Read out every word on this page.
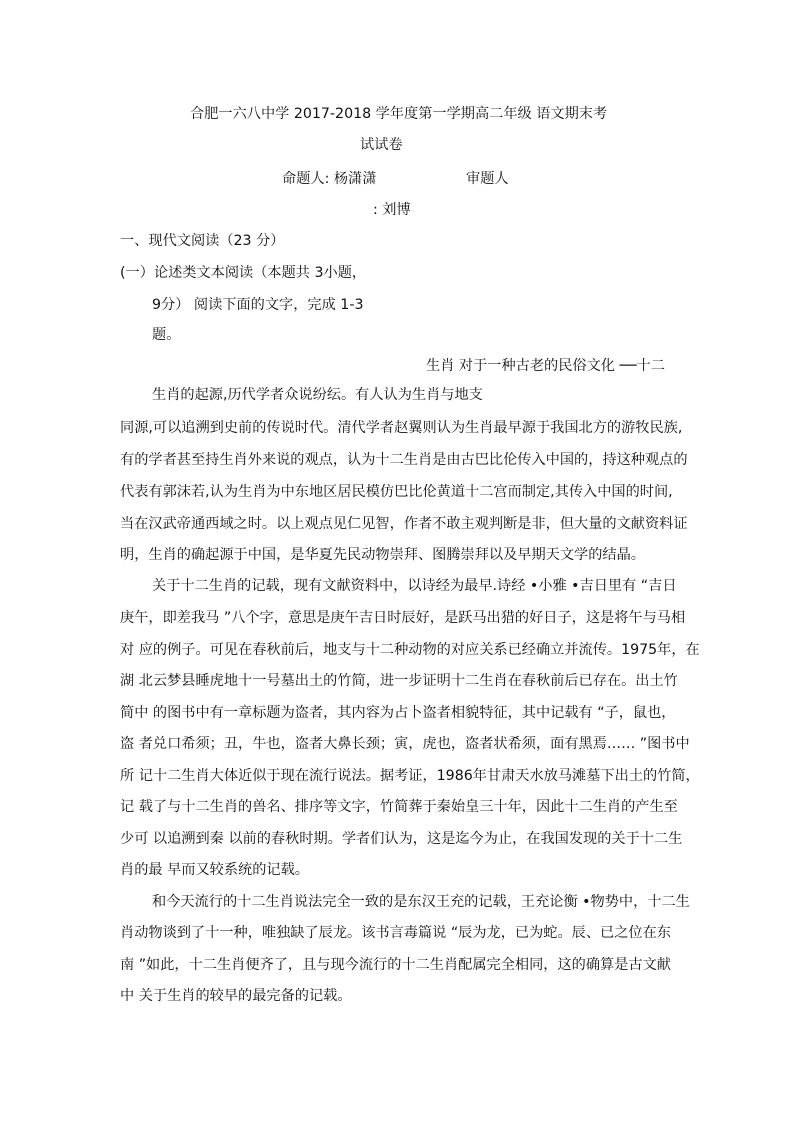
合肥一六八中学 2017-2018 学年度第一学期高二年级 语文期末考
试试卷
命题人: 杨潇潇	审题人
: 刘博
一、现代文阅读（23 分）
(一）论述类文本阅读（本题共 3小题，
9分） 阅读下面的文字，完成 1-3
题。
生肖 对于一种古老的民俗文化 ──十二
生肖的起源,历代学者众说纷纭。有人认为生肖与地支
同源,可以追溯到史前的传说时代。清代学者赵翼则认为生肖最早源于我国北方的游牧民族,
有的学者甚至持生肖外来说的观点，认为十二生肖是由古巴比伦传入中国的，持这种观点的
代表有郭沫若,认为生肖为中东地区居民模仿巴比伦黄道十二宫而制定,其传入中国的时间,
当在汉武帝通西域之时。以上观点见仁见智，作者不敢主观判断是非，但大量的文献资料证
明，生肖的确起源于中国，是华夏先民动物崇拜、图腾崇拜以及早期天文学的结晶。
关于十二生肖的记载，现有文献资料中，以诗经为最早.诗经 •小雅 •吉日里有 “吉日
庚午，即差我马 ”八个字，意思是庚午吉日时辰好，是跃马出猎的好日子，这是将午与马相
对 应的例子。可见在春秋前后，地支与十二种动物的对应关系已经确立并流传。1975年，在
湖 北云梦县睡虎地十一号墓出土的竹简，进一步证明十二生肖在春秋前后已存在。出土竹
简中 的图书中有一章标题为盗者，其内容为占卜盗者相貌特征，其中记载有 “子，鼠也，
盗 者兑口希须；丑，牛也，盗者大鼻长颈；寅，虎也，盗者状希须，面有黑焉…… ”图书中
所 记十二生肖大体近似于现在流行说法。据考证，1986年甘肃天水放马滩墓下出土的竹简，
记 载了与十二生肖的兽名、排序等文字，竹简葬于秦始皇三十年，因此十二生肖的产生至
少可 以追溯到秦 以前的春秋时期。学者们认为，这是迄今为止，在我国发现的关于十二生
肖的最 早而又较系统的记载。
和今天流行的十二生肖说法完全一致的是东汉王充的记载，王充论衡 •物势中，十二生
肖动物谈到了十一种，唯独缺了辰龙。该书言毒篇说 “辰为龙，已为蛇。辰、已之位在东
南 ”如此，十二生肖便齐了，且与现今流行的十二生肖配属完全相同，这的确算是古文献
中 关于生肖的较早的最完备的记载。
